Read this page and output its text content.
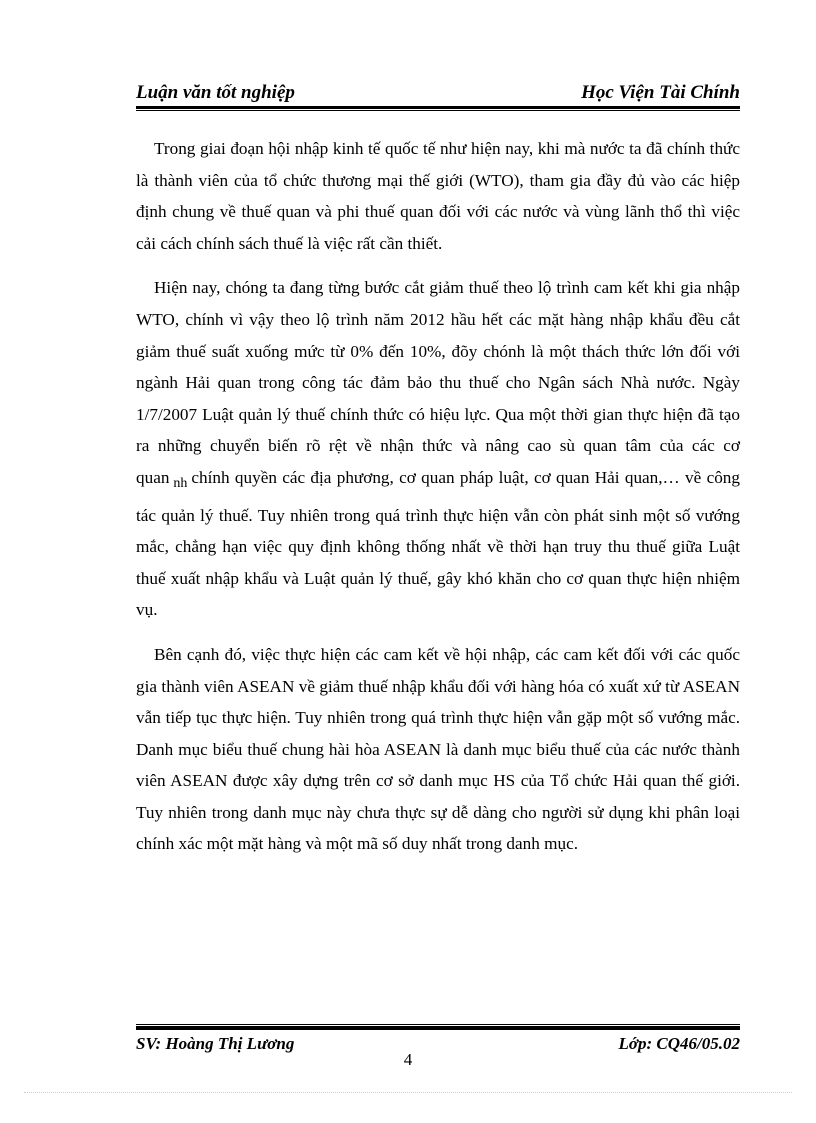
Luận văn tốt nghiệp	Học Viện Tài Chính

Trong giai đoạn hội nhập kinh tế quốc tế như hiện nay, khi mà nước ta đã chính thức là thành viên của tổ chức thương mại thế giới (WTO), tham gia đầy đủ vào các hiệp định chung về thuế quan và phi thuế quan đối với các nước và vùng lãnh thổ thì việc cải cách chính sách thuế là việc rất cần thiết.

Hiện nay, chóng ta đang từng bước cắt giảm thuế theo lộ trình cam kết khi gia nhập WTO, chính vì vậy theo lộ trình năm 2012 hầu hết các mặt hàng nhập khẩu đều cắt giảm thuế suất xuống mức từ 0% đến 10%, đõy chónh là một thách thức lớn đối với ngành Hải quan trong công tác đảm bảo thu thuế cho Ngân sách Nhà nước. Ngày 1/7/2007 Luật quản lý thuế chính thức có hiệu lực. Qua một thời gian thực hiện đã tạo ra những chuyển biến rõ rệt về nhận thức và nâng cao sù quan tâm của các cơ quan $_{nh}$ chính quyền các địa phương, cơ quan pháp luật, cơ quan Hải quan,… về công tác quản lý thuế. Tuy nhiên trong quá trình thực hiện vẫn còn phát sinh một số vướng mắc, chẳng hạn việc quy định không thống nhất về thời hạn truy thu thuế giữa Luật thuế xuất nhập khẩu và Luật quản lý thuế, gây khó khăn cho cơ quan thực hiện nhiệm vụ.

Bên cạnh đó, việc thực hiện các cam kết về hội nhập, các cam kết đối với các quốc gia thành viên ASEAN về giảm thuế nhập khẩu đối với hàng hóa có xuất xứ từ ASEAN vẫn tiếp tục thực hiện. Tuy nhiên trong quá trình thực hiện vẫn gặp một số vướng mắc. Danh mục biểu thuế chung hài hòa ASEAN là danh mục biểu thuế của các nước thành viên ASEAN được xây dựng trên cơ sở danh mục HS của Tổ chức Hải quan thế giới. Tuy nhiên trong danh mục này chưa thực sự dễ dàng cho người sử dụng khi phân loại chính xác một mặt hàng và một mã số duy nhất trong danh mục.

SV: Hoàng Thị Lương	Lớp: CQ46/05.02
4
